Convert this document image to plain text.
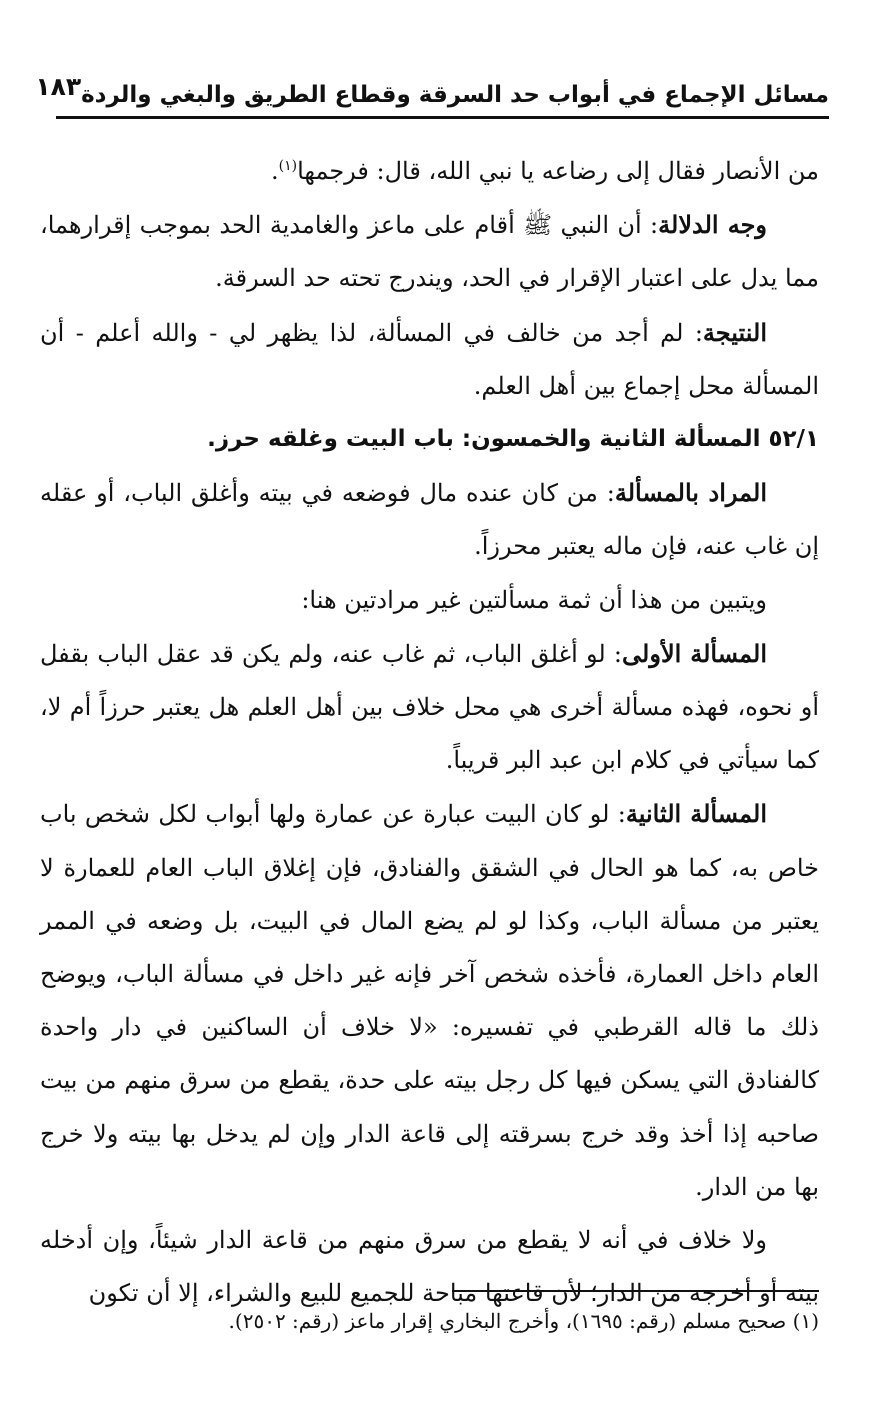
مسائل الإجماع في أبواب حد السرقة وقطاع الطريق والبغي والردة
١٨٣

من الأنصار فقال إلى رضاعه يا نبي الله، قال: فرجمها$^{(١)}$.

وجه الدلالة: أن النبي ﷺ أقام على ماعز والغامدية الحد بموجب إقرارهما، مما يدل على اعتبار الإقرار في الحد، ويندرج تحته حد السرقة.

النتيجة: لم أجد من خالف في المسألة، لذا يظهر لي - والله أعلم - أن المسألة محل إجماع بين أهل العلم.

٥٢/١ المسألة الثانية والخمسون: باب البيت وغلقه حرز.

المراد بالمسألة: من كان عنده مال فوضعه في بيته وأغلق الباب، أو عقله إن غاب عنه، فإن ماله يعتبر محرزاً.

ويتبين من هذا أن ثمة مسألتين غير مرادتين هنا:

المسألة الأولى: لو أغلق الباب، ثم غاب عنه، ولم يكن قد عقل الباب بقفل أو نحوه، فهذه مسألة أخرى هي محل خلاف بين أهل العلم هل يعتبر حرزاً أم لا، كما سيأتي في كلام ابن عبد البر قريباً.

المسألة الثانية: لو كان البيت عبارة عن عمارة ولها أبواب لكل شخص باب خاص به، كما هو الحال في الشقق والفنادق، فإن إغلاق الباب العام للعمارة لا يعتبر من مسألة الباب، وكذا لو لم يضع المال في البيت، بل وضعه في الممر العام داخل العمارة، فأخذه شخص آخر فإنه غير داخل في مسألة الباب، ويوضح ذلك ما قاله القرطبي في تفسيره: «لا خلاف أن الساكنين في دار واحدة كالفنادق التي يسكن فيها كل رجل بيته على حدة، يقطع من سرق منهم من بيت صاحبه إذا أخذ وقد خرج بسرقته إلى قاعة الدار وإن لم يدخل بها بيته ولا خرج بها من الدار.

ولا خلاف في أنه لا يقطع من سرق منهم من قاعة الدار شيئاً، وإن أدخله بيته أو أخرجه من الدار؛ لأن قاعتها مباحة للجميع للبيع والشراء، إلا أن تكون

(١) صحيح مسلم (رقم: ١٦٩٥)، وأخرج البخاري إقرار ماعز (رقم: ٢٥٠٢).
